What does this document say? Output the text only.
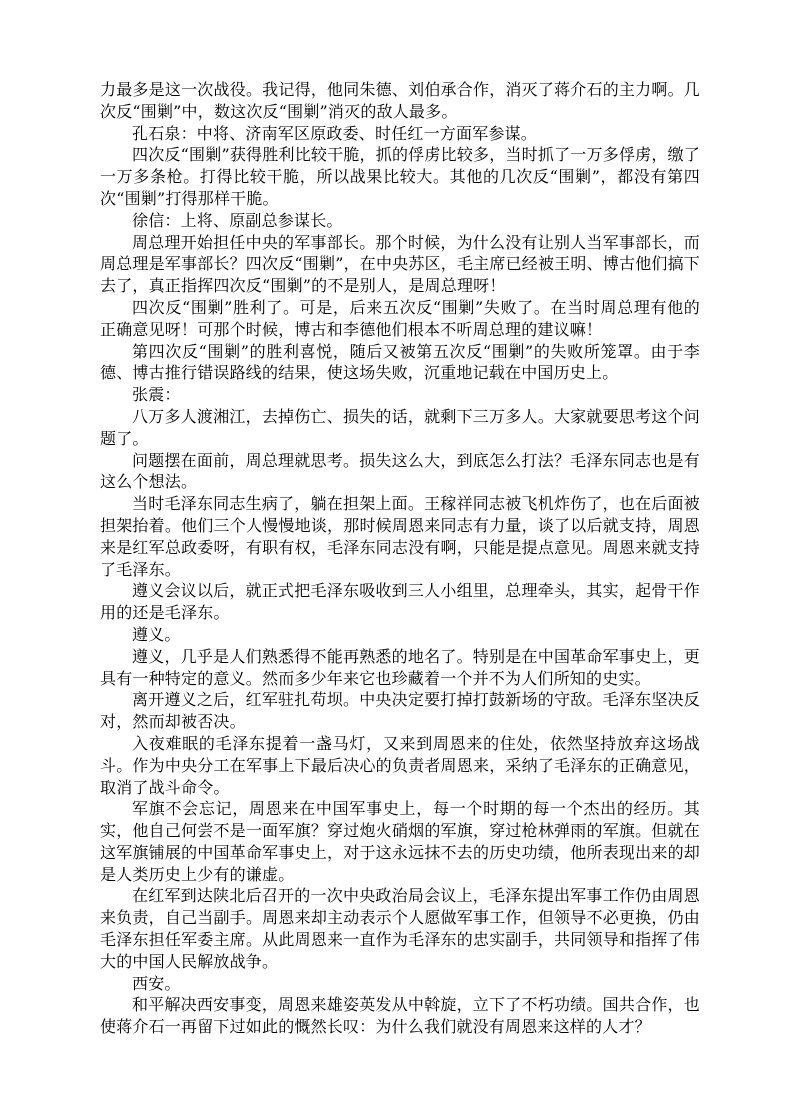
力最多是这一次战役。我记得，他同朱德、刘伯承合作，消灭了蒋介石的主力啊。几次反“围剿”中，数这次反“围剿”消灭的敌人最多。

孔石泉：中将、济南军区原政委、时任红一方面军参谋。

四次反“围剿”获得胜利比较干脆，抓的俘虏比较多，当时抓了一万多俘虏，缴了一万多条枪。打得比较干脆，所以战果比较大。其他的几次反“围剿”，都没有第四次“围剿”打得那样干脆。

徐信：上将、原副总参谋长。

周总理开始担任中央的军事部长。那个时候，为什么没有让别人当军事部长，而周总理是军事部长？四次反“围剿”，在中央苏区，毛主席已经被王明、博古他们搞下去了，真正指挥四次反“围剿”的不是别人，是周总理呀！

四次反“围剿”胜利了。可是，后来五次反“围剿”失败了。在当时周总理有他的正确意见呀！可那个时候，博古和李德他们根本不听周总理的建议嘛！

第四次反“围剿”的胜利喜悦，随后又被第五次反“围剿”的失败所笼罩。由于李德、博古推行错误路线的结果，使这场失败，沉重地记载在中国历史上。

张震：

八万多人渡湘江，去掉伤亡、损失的话，就剩下三万多人。大家就要思考这个问题了。

问题摆在面前，周总理就思考。损失这么大，到底怎么打法？毛泽东同志也是有这么个想法。

当时毛泽东同志生病了，躺在担架上面。王稼祥同志被飞机炸伤了，也在后面被担架抬着。他们三个人慢慢地谈，那时候周恩来同志有力量，谈了以后就支持，周恩来是红军总政委呀，有职有权，毛泽东同志没有啊，只能是提点意见。周恩来就支持了毛泽东。

遵义会议以后，就正式把毛泽东吸收到三人小组里，总理牵头，其实，起骨干作用的还是毛泽东。

遵义。

遵义，几乎是人们熟悉得不能再熟悉的地名了。特别是在中国革命军事史上，更具有一种特定的意义。然而多少年来它也珍藏着一个并不为人们所知的史实。

离开遵义之后，红军驻扎苟坝。中央决定要打掉打鼓新场的守敌。毛泽东坚决反对，然而却被否决。

入夜难眠的毛泽东提着一盏马灯，又来到周恩来的住处，依然坚持放弃这场战斗。作为中央分工在军事上下最后决心的负责者周恩来，采纳了毛泽东的正确意见，取消了战斗命令。

军旗不会忘记，周恩来在中国军事史上，每一个时期的每一个杰出的经历。其实，他自己何尝不是一面军旗？穿过炮火硝烟的军旗，穿过枪林弹雨的军旗。但就在这军旗铺展的中国革命军事史上，对于这永远抹不去的历史功绩，他所表现出来的却是人类历史上少有的谦虚。

在红军到达陕北后召开的一次中央政治局会议上，毛泽东提出军事工作仍由周恩来负责，自己当副手。周恩来却主动表示个人愿做军事工作，但领导不必更换，仍由毛泽东担任军委主席。从此周恩来一直作为毛泽东的忠实副手，共同领导和指挥了伟大的中国人民解放战争。

西安。

和平解决西安事变，周恩来雄姿英发从中斡旋，立下了不朽功绩。国共合作，也使蒋介石一再留下过如此的慨然长叹：为什么我们就没有周恩来这样的人才？
